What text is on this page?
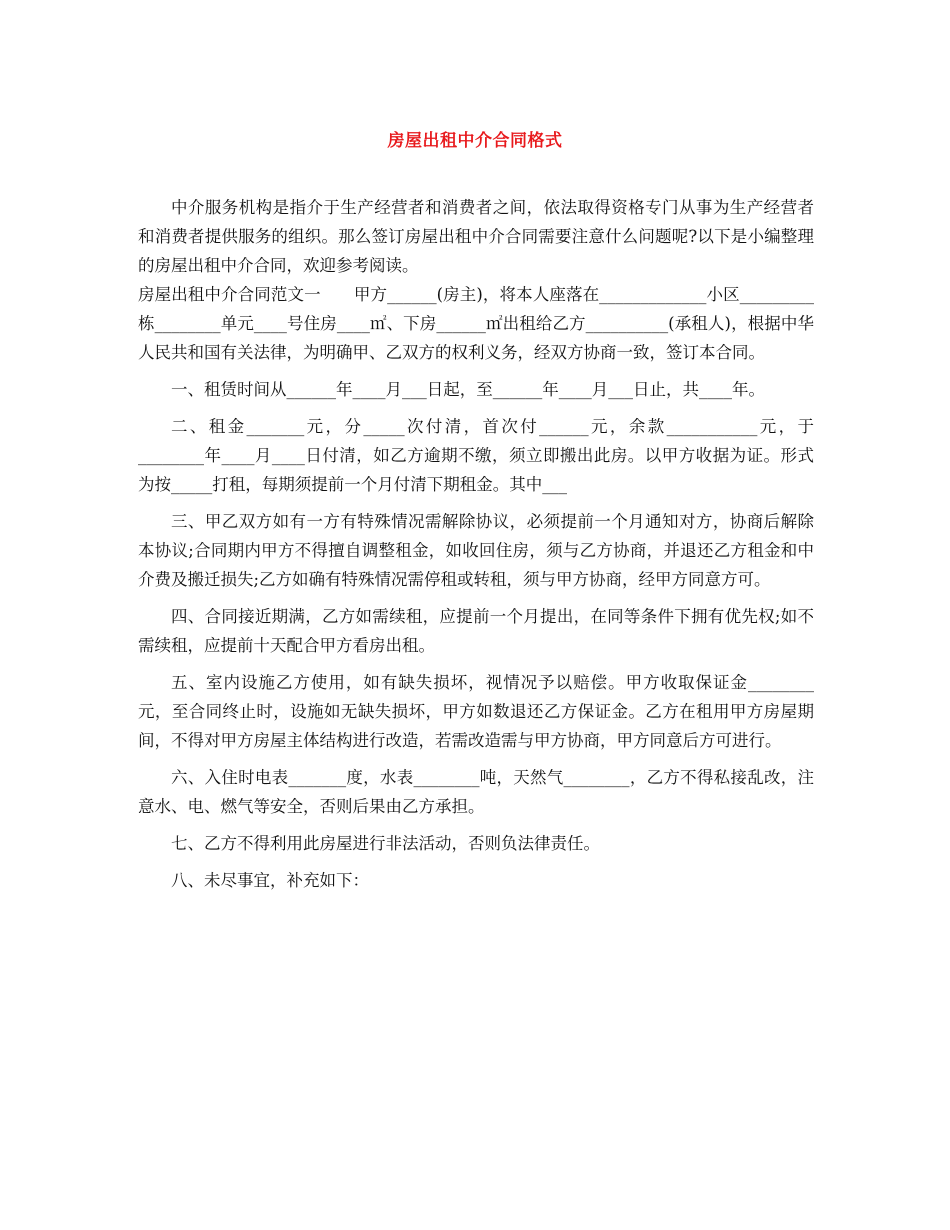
房屋出租中介合同格式

中介服务机构是指介于生产经营者和消费者之间，依法取得资格专门从事为生产经营者和消费者提供服务的组织。那么签订房屋出租中介合同需要注意什么问题呢?以下是小编整理的房屋出租中介合同，欢迎参考阅读。

房屋出租中介合同范文一　　甲方______(房主)，将本人座落在_____________小区_________栋________单元____号住房____㎡、下房______㎡出租给乙方__________(承租人)，根据中华人民共和国有关法律，为明确甲、乙双方的权利义务，经双方协商一致，签订本合同。

一、租赁时间从______年____月___日起，至______年____月___日止，共____年。

二、租金_______元，分_____次付清，首次付______元，余款___________元，于________年____月____日付清，如乙方逾期不缴，须立即搬出此房。以甲方收据为证。形式为按_____打租，每期须提前一个月付清下期租金。其中___

三、甲乙双方如有一方有特殊情况需解除协议，必须提前一个月通知对方，协商后解除本协议;合同期内甲方不得擅自调整租金，如收回住房，须与乙方协商，并退还乙方租金和中介费及搬迁损失;乙方如确有特殊情况需停租或转租，须与甲方协商，经甲方同意方可。

四、合同接近期满，乙方如需续租，应提前一个月提出，在同等条件下拥有优先权;如不需续租，应提前十天配合甲方看房出租。

五、室内设施乙方使用，如有缺失损坏，视情况予以赔偿。甲方收取保证金________元，至合同终止时，设施如无缺失损坏，甲方如数退还乙方保证金。乙方在租用甲方房屋期间，不得对甲方房屋主体结构进行改造，若需改造需与甲方协商，甲方同意后方可进行。

六、入住时电表_______度，水表________吨，天然气________，乙方不得私接乱改，注意水、电、燃气等安全，否则后果由乙方承担。

七、乙方不得利用此房屋进行非法活动，否则负法律责任。

八、未尽事宜，补充如下：
